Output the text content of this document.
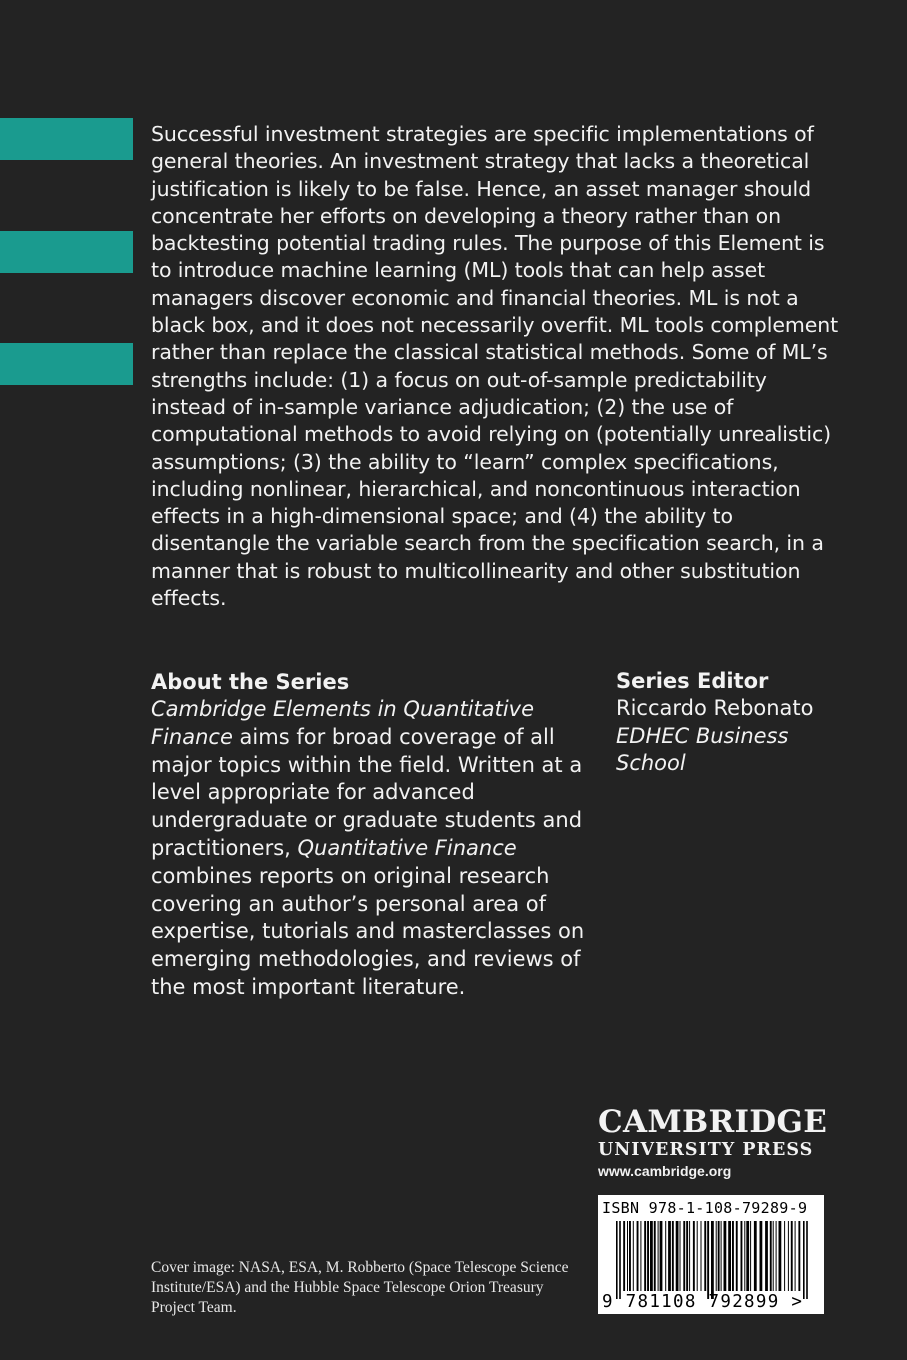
Successful investment strategies are specific implementations of general theories. An investment strategy that lacks a theoretical justification is likely to be false. Hence, an asset manager should concentrate her efforts on developing a theory rather than on backtesting potential trading rules. The purpose of this Element is to introduce machine learning (ML) tools that can help asset managers discover economic and financial theories. ML is not a black box, and it does not necessarily overfit. ML tools complement rather than replace the classical statistical methods. Some of ML’s strengths include: (1) a focus on out-of-sample predictability instead of in-sample variance adjudication; (2) the use of computational methods to avoid relying on (potentially unrealistic) assumptions; (3) the ability to “learn” complex specifications, including nonlinear, hierarchical, and noncontinuous interaction effects in a high-dimensional space; and (4) the ability to disentangle the variable search from the specification search, in a manner that is robust to multicollinearity and other substitution effects.

About the Series

Cambridge Elements in Quantitative Finance aims for broad coverage of all major topics within the field. Written at a level appropriate for advanced undergraduate or graduate students and practitioners, Quantitative Finance combines reports on original research covering an author’s personal area of expertise, tutorials and masterclasses on emerging methodologies, and reviews of the most important literature.

Series Editor
Riccardo Rebonato
EDHEC Business School
CAMBRIDGE
UNIVERSITY PRESS
www.cambridge.org
ISBN 978-1-108-79289-9
9 781108 792899 >
Cover image: NASA, ESA, M. Robberto (Space Telescope Science Institute/ESA) and the Hubble Space Telescope Orion Treasury Project Team.
